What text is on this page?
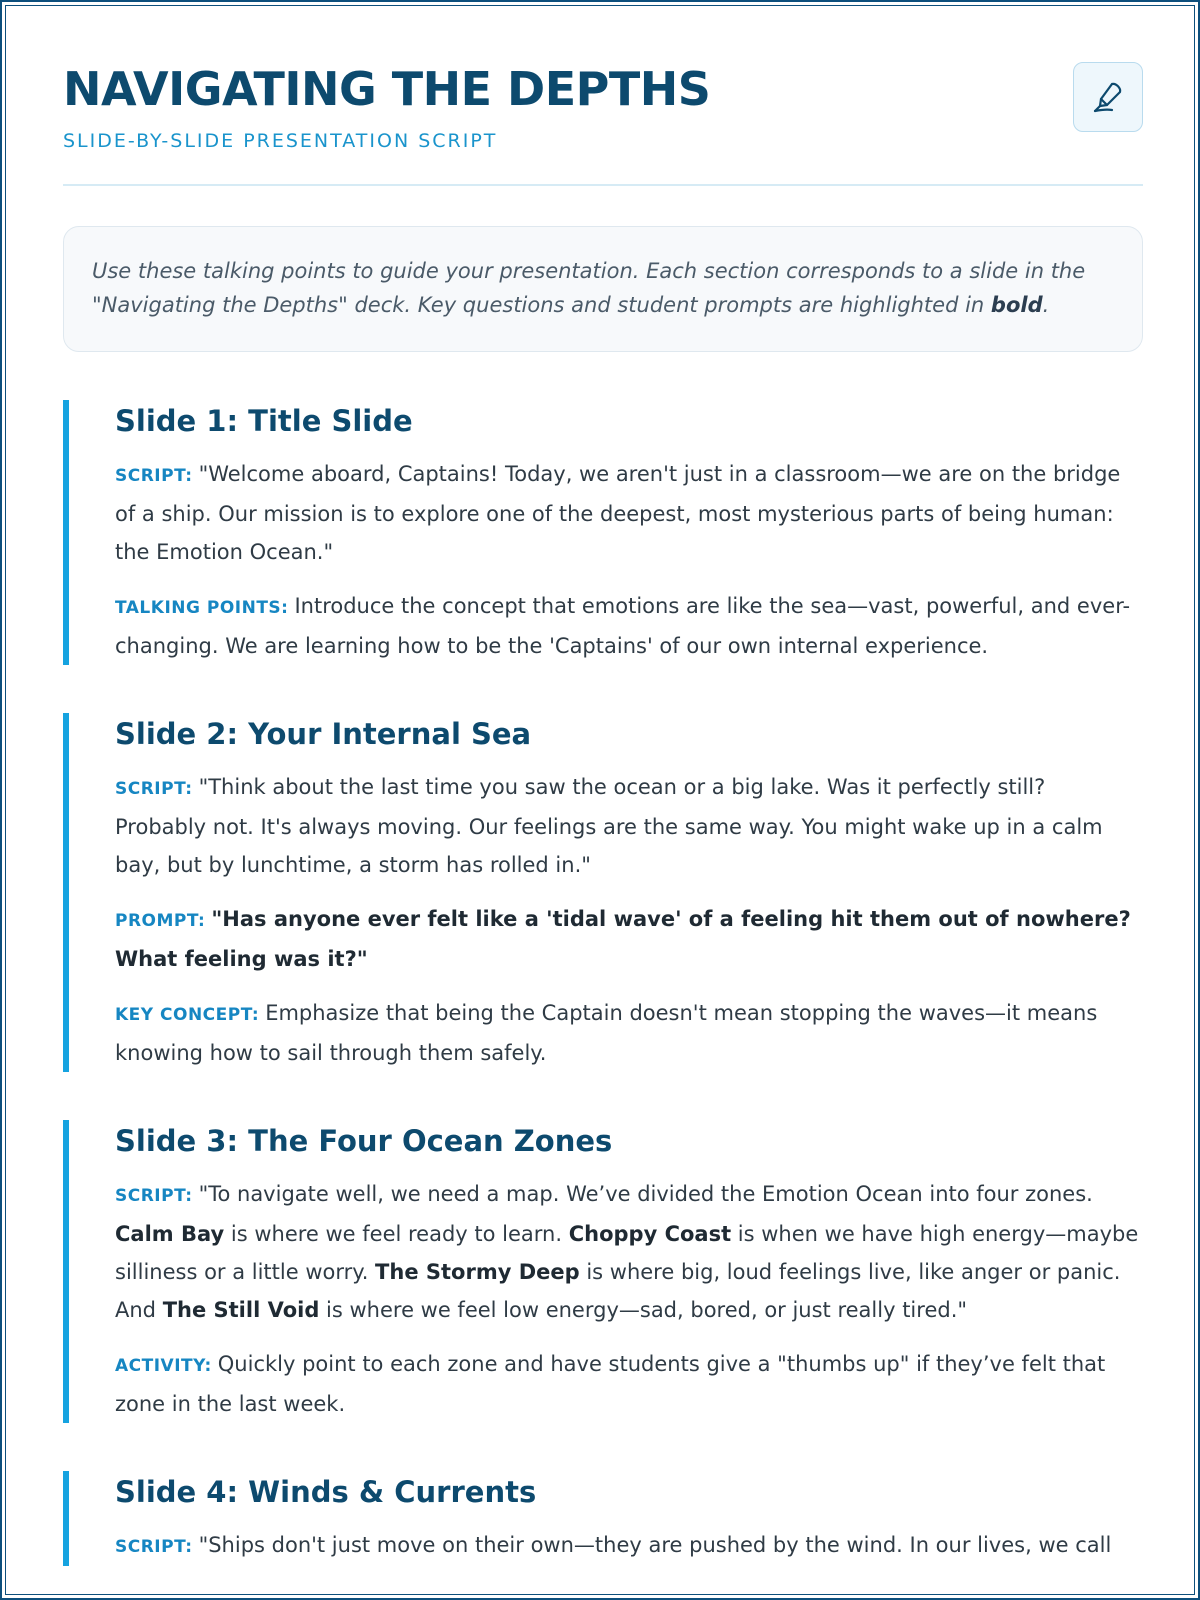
NAVIGATING THE DEPTHS
SLIDE-BY-SLIDE PRESENTATION SCRIPT
Use these talking points to guide your presentation. Each section corresponds to a slide in the "Navigating the Depths" deck. Key questions and student prompts are highlighted in bold.
Slide 1: Title Slide

SCRIPT: "Welcome aboard, Captains! Today, we aren't just in a classroom—we are on the bridge of a ship. Our mission is to explore one of the deepest, most mysterious parts of being human: the Emotion Ocean."

TALKING POINTS: Introduce the concept that emotions are like the sea—vast, powerful, and ever-changing. We are learning how to be the 'Captains' of our own internal experience.

Slide 2: Your Internal Sea

SCRIPT: "Think about the last time you saw the ocean or a big lake. Was it perfectly still? Probably not. It's always moving. Our feelings are the same way. You might wake up in a calm bay, but by lunchtime, a storm has rolled in."

PROMPT: "Has anyone ever felt like a 'tidal wave' of a feeling hit them out of nowhere? What feeling was it?"

KEY CONCEPT: Emphasize that being the Captain doesn't mean stopping the waves—it means knowing how to sail through them safely.

Slide 3: The Four Ocean Zones

SCRIPT: "To navigate well, we need a map. We’ve divided the Emotion Ocean into four zones. Calm Bay is where we feel ready to learn. Choppy Coast is when we have high energy—maybe silliness or a little worry. The Stormy Deep is where big, loud feelings live, like anger or panic. And The Still Void is where we feel low energy—sad, bored, or just really tired."

ACTIVITY: Quickly point to each zone and have students give a "thumbs up" if they’ve felt that zone in the last week.

Slide 4: Winds & Currents

SCRIPT: "Ships don't just move on their own—they are pushed by the wind. In our lives, we call
